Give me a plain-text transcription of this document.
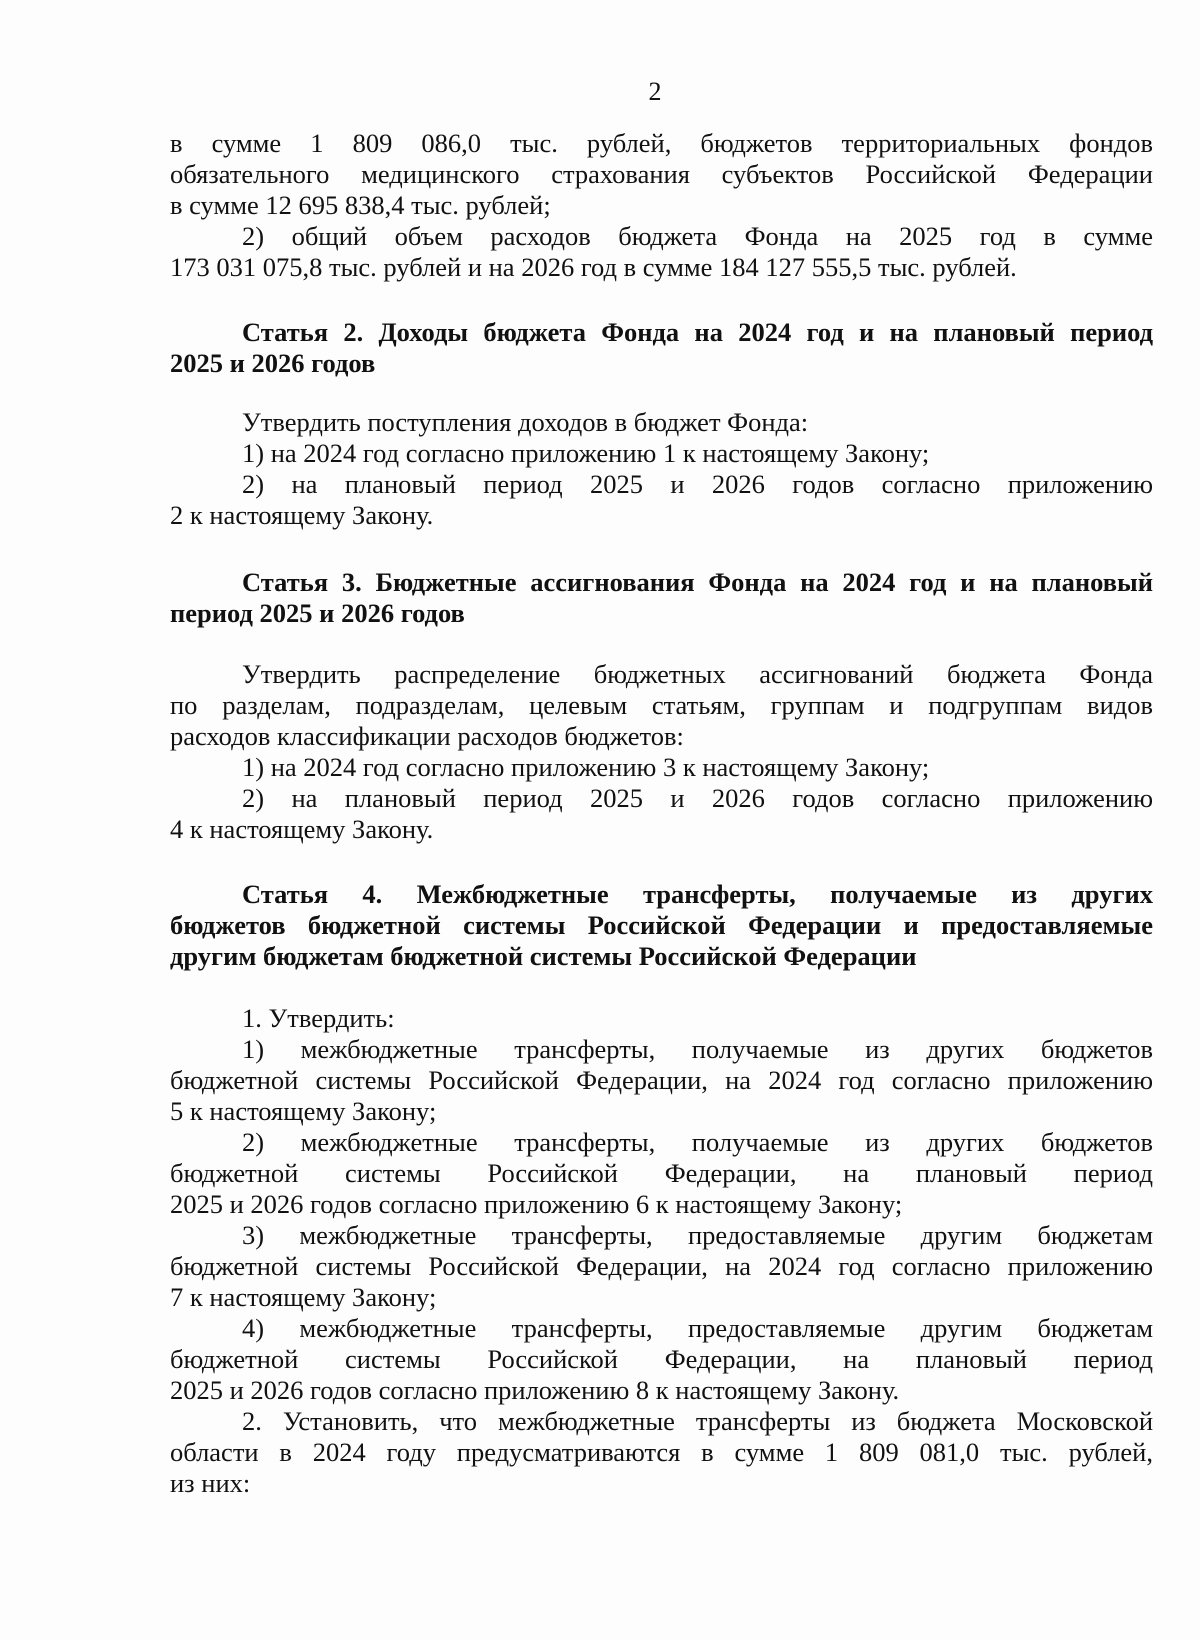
2

в сумме 1 809 086,0 тыс. рублей, бюджетов территориальных фондов

обязательного медицинского страхования субъектов Российской Федерации

в сумме 12 695 838,4 тыс. рублей;

2) общий объем расходов бюджета Фонда на 2025 год в сумме

173 031 075,8 тыс. рублей и на 2026 год в сумме 184 127 555,5 тыс. рублей.

Статья 2. Доходы бюджета Фонда на 2024 год и на плановый период

2025 и 2026 годов

Утвердить поступления доходов в бюджет Фонда:

1) на 2024 год согласно приложению 1 к настоящему Закону;

2) на плановый период 2025 и 2026 годов согласно приложению

2 к настоящему Закону.

Статья 3. Бюджетные ассигнования Фонда на 2024 год и на плановый

период 2025 и 2026 годов

Утвердить распределение бюджетных ассигнований бюджета Фонда

по разделам, подразделам, целевым статьям, группам и подгруппам видов

расходов классификации расходов бюджетов:

1) на 2024 год согласно приложению 3 к настоящему Закону;

2) на плановый период 2025 и 2026 годов согласно приложению

4 к настоящему Закону.

Статья 4. Межбюджетные трансферты, получаемые из других

бюджетов бюджетной системы Российской Федерации и предоставляемые

другим бюджетам бюджетной системы Российской Федерации

1. Утвердить:

1) межбюджетные трансферты, получаемые из других бюджетов

бюджетной системы Российской Федерации, на 2024 год согласно приложению

5 к настоящему Закону;

2) межбюджетные трансферты, получаемые из других бюджетов

бюджетной системы Российской Федерации, на плановый период

2025 и 2026 годов согласно приложению 6 к настоящему Закону;

3) межбюджетные трансферты, предоставляемые другим бюджетам

бюджетной системы Российской Федерации, на 2024 год согласно приложению

7 к настоящему Закону;

4) межбюджетные трансферты, предоставляемые другим бюджетам

бюджетной системы Российской Федерации, на плановый период

2025 и 2026 годов согласно приложению 8 к настоящему Закону.

2. Установить, что межбюджетные трансферты из бюджета Московской

области в 2024 году предусматриваются в сумме 1 809 081,0 тыс. рублей,

из них:
